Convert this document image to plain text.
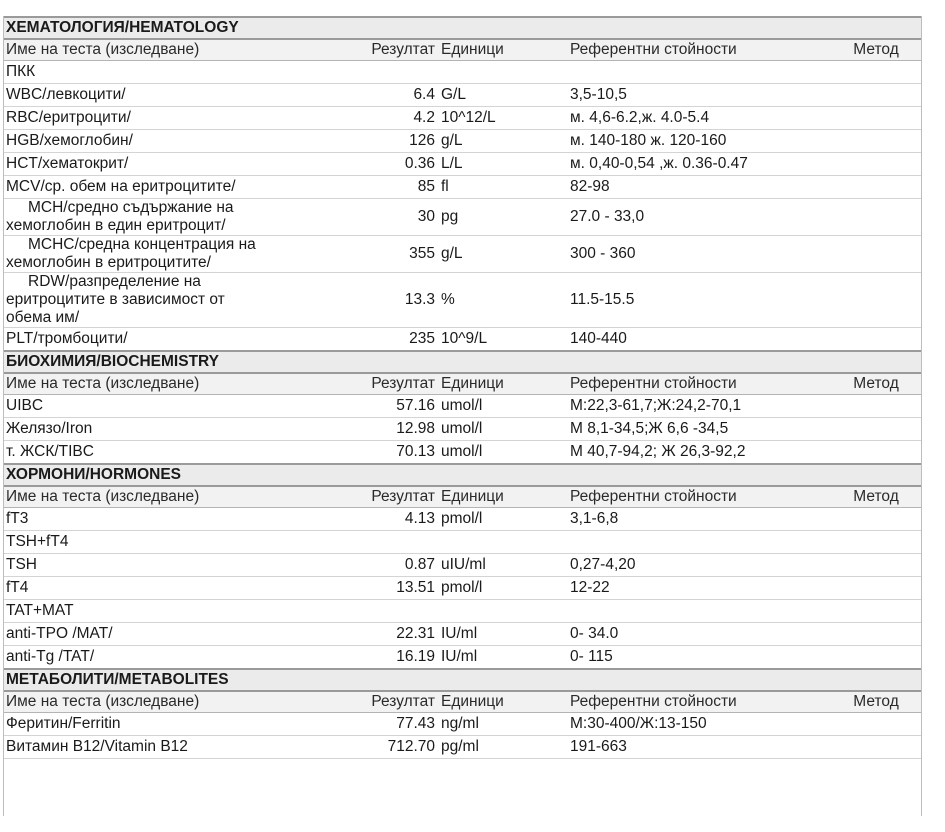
ХЕМАТОЛОГИЯ/HEMATOLOGY				
Име на теста (изследване)	Резултат	Единици	Референтни стойности	Метод
ПКК				
WBC/левкоцити/	6.4	G/L	3,5-10,5	
RBC/еритроцити/	4.2	10^12/L	м. 4,6-6.2,ж. 4.0-5.4	
HGB/хемоглобин/	126	g/L	м. 140-180 ж. 120-160	
HCT/хематокрит/	0.36	L/L	м. 0,40-0,54 ,ж. 0.36-0.47	
MCV/ср. обем на еритроцитите/	85	fl	82-98	
MCH/средно съдържание на
хемоглобин в един еритроцит/	30	pg	27.0 - 33,0	
MCHC/средна концентрация на
хемоглобин в еритроцитите/	355	g/L	300 - 360	
RDW/разпределение на
еритроцитите в зависимост от
обема им/	13.3	%	11.5-15.5	
PLT/тромбоцити/	235	10^9/L	140-440	
БИОХИМИЯ/BIOCHEMISTRY				
Име на теста (изследване)	Резултат	Единици	Референтни стойности	Метод
UIBC	57.16	umol/l	M:22,3-61,7;Ж:24,2-70,1	
Желязо/Iron	12.98	umol/l	M 8,1-34,5;Ж 6,6 -34,5	
т. ЖСК/TIBC	70.13	umol/l	M 40,7-94,2; Ж 26,3-92,2	
ХОРМОНИ/HORMONES				
Име на теста (изследване)	Резултат	Единици	Референтни стойности	Метод
fT3	4.13	pmol/l	3,1-6,8	
TSH+fT4				
TSH	0.87	uIU/ml	0,27-4,20	
fT4	13.51	pmol/l	12-22	
TAT+MAT				
anti-TPO /MAT/	22.31	IU/ml	0- 34.0	
anti-Tg /TAT/	16.19	IU/ml	0- 115	
МЕТАБОЛИТИ/METABOLITES				
Име на теста (изследване)	Резултат	Единици	Референтни стойности	Метод
Феритин/Ferritin	77.43	ng/ml	M:30-400/Ж:13-150	
Витамин B12/Vitamin B12	712.70	pg/ml	191-663	
